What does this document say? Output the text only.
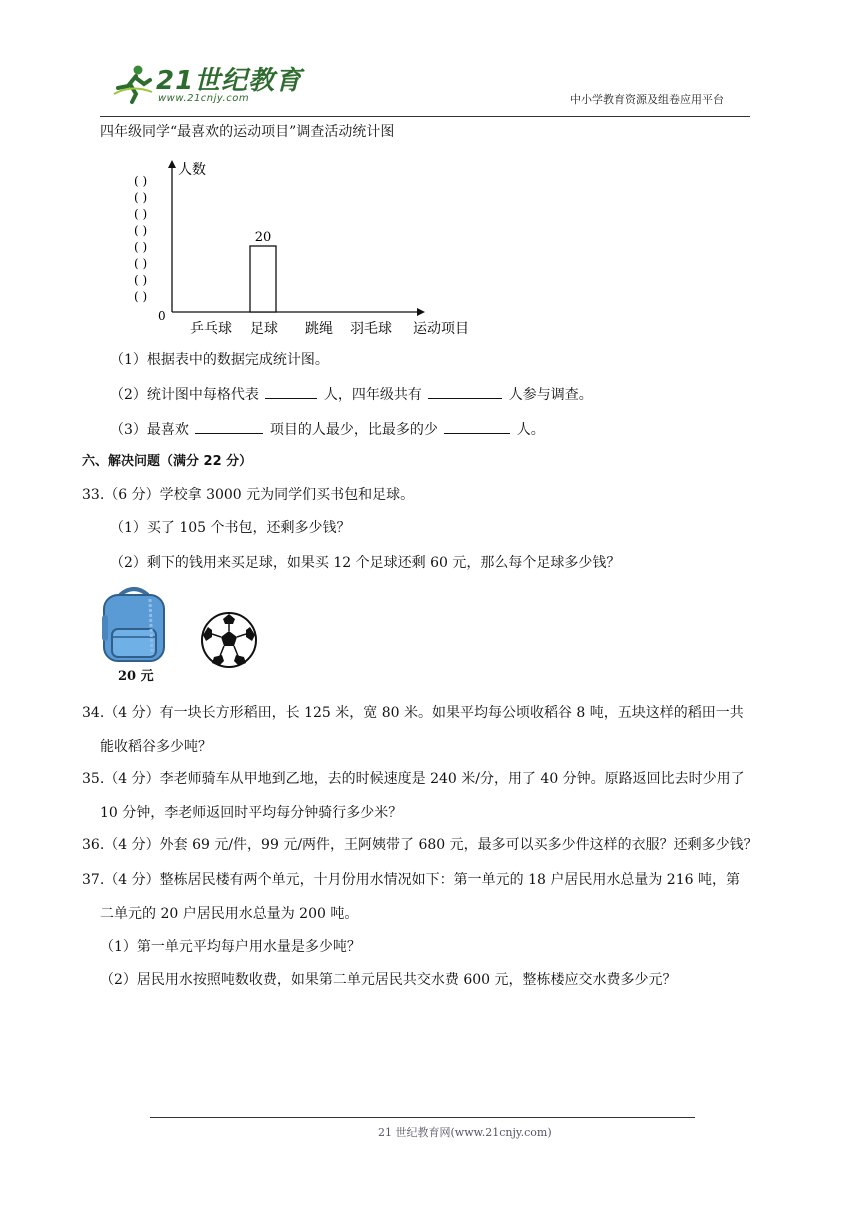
21世纪教育
www.21cnjy.com	中小学教育资源及组卷应用平台
四年级同学“最喜欢的运动项目”调查活动统计图
人数
运动项目
0
( )
( )
( )
( )
( )
( )
( )
( )
乒乓球 足球 跳绳 羽毛球
20
（1）根据表中的数据完成统计图。
（2）统计图中每格代表	人，四年级共有	人参与调查。
（3）最喜欢	项目的人最少，比最多的少	人。
六、解决问题（满分 22 分）
33.（6 分）学校拿 3000 元为同学们买书包和足球。
（1）买了 105 个书包，还剩多少钱？
（2）剩下的钱用来买足球，如果买 12 个足球还剩 60 元，那么每个足球多少钱？
20 元
34.（4 分）有一块长方形稻田，长 125 米，宽 80 米。如果平均每公顷收稻谷 8 吨，五块这样的稻田一共
能收稻谷多少吨？
35.（4 分）李老师骑车从甲地到乙地，去的时候速度是 240 米/分，用了 40 分钟。原路返回比去时少用了
10 分钟，李老师返回时平均每分钟骑行多少米？
36.（4 分）外套 69 元/件，99 元/两件，王阿姨带了 680 元，最多可以买多少件这样的衣服？还剩多少钱？
37.（4 分）整栋居民楼有两个单元，十月份用水情况如下：第一单元的 18 户居民用水总量为 216 吨，第
二单元的 20 户居民用水总量为 200 吨。
（1）第一单元平均每户用水量是多少吨？
（2）居民用水按照吨数收费，如果第二单元居民共交水费 600 元，整栋楼应交水费多少元？
21 世纪教育网(www.21cnjy.com)
